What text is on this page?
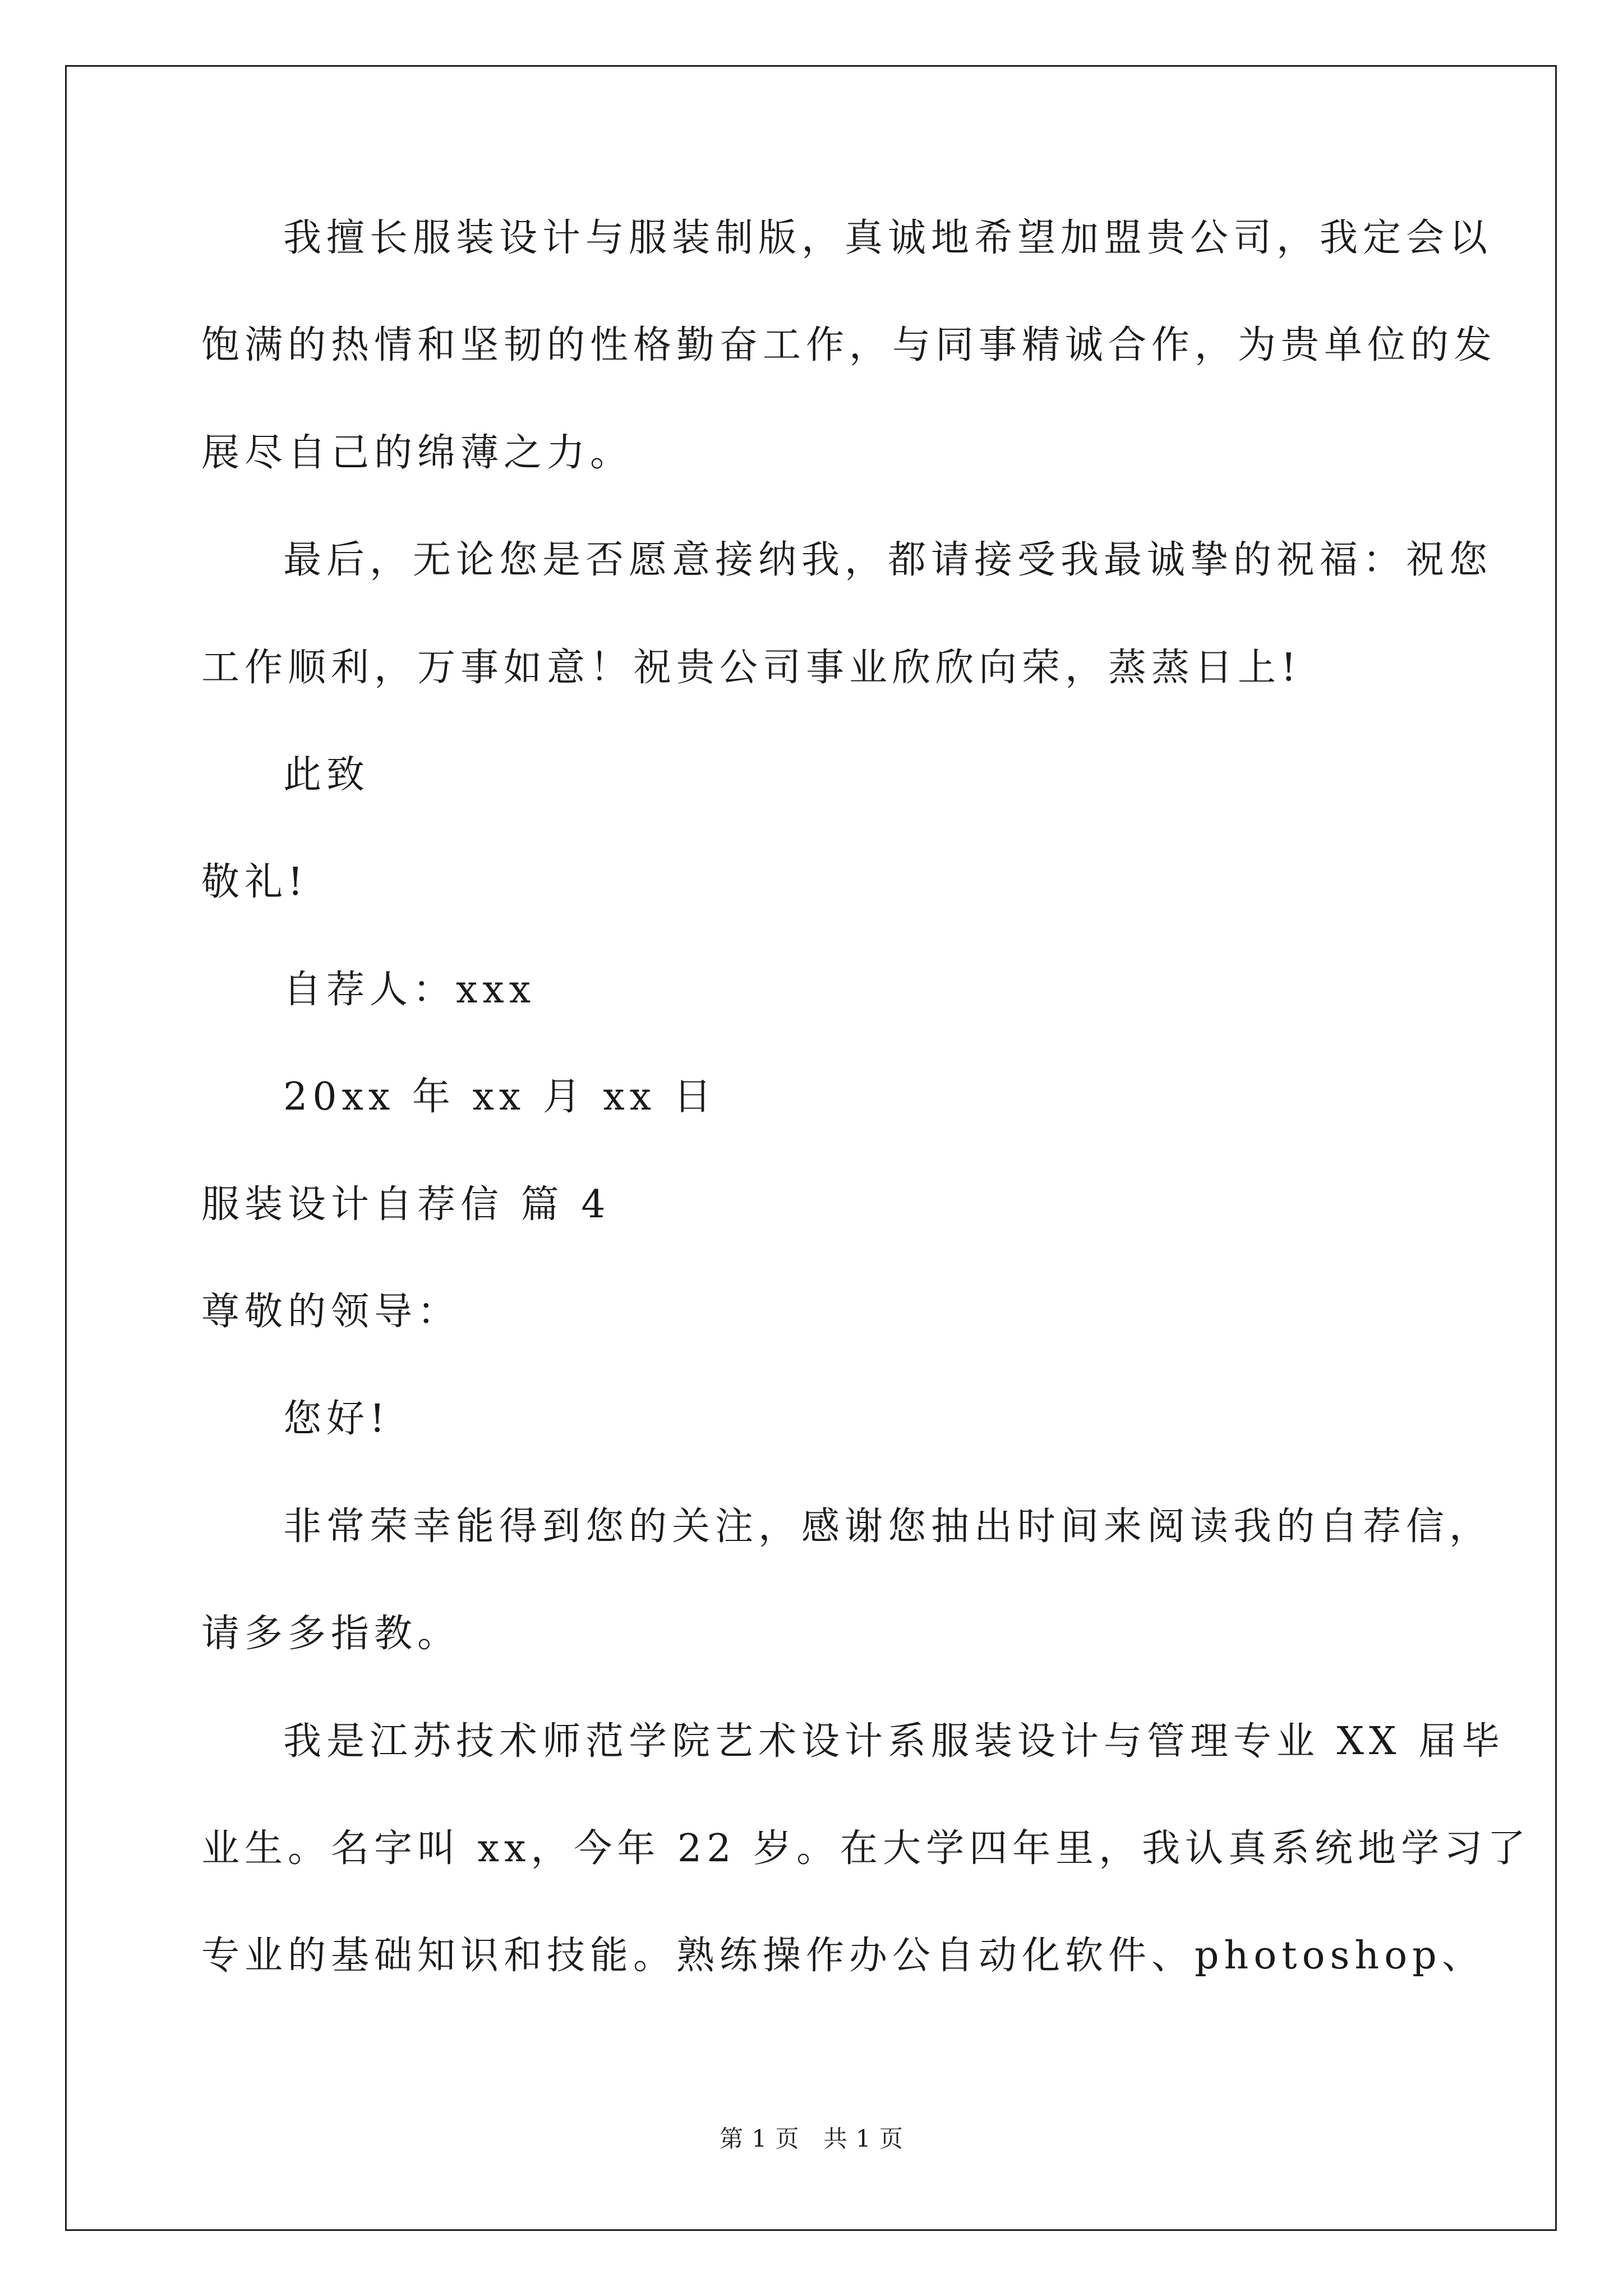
我擅长服装设计与服装制版，真诚地希望加盟贵公司，我定会以
饱满的热情和坚韧的性格勤奋工作，与同事精诚合作，为贵单位的发
展尽自己的绵薄之力。
最后，无论您是否愿意接纳我，都请接受我最诚挚的祝福：祝您
工作顺利，万事如意！祝贵公司事业欣欣向荣，蒸蒸日上!
此致
敬礼!
自荐人：xxx
20xx 年 xx 月 xx 日
服装设计自荐信 篇 4
尊敬的领导：
您好!
非常荣幸能得到您的关注，感谢您抽出时间来阅读我的自荐信，
请多多指教。
我是江苏技术师范学院艺术设计系服装设计与管理专业 XX 届毕
业生。名字叫 xx，今年 22 岁。在大学四年里，我认真系统地学习了
专业的基础知识和技能。熟练操作办公自动化软件、photoshop、
第 1 页　共 1 页
